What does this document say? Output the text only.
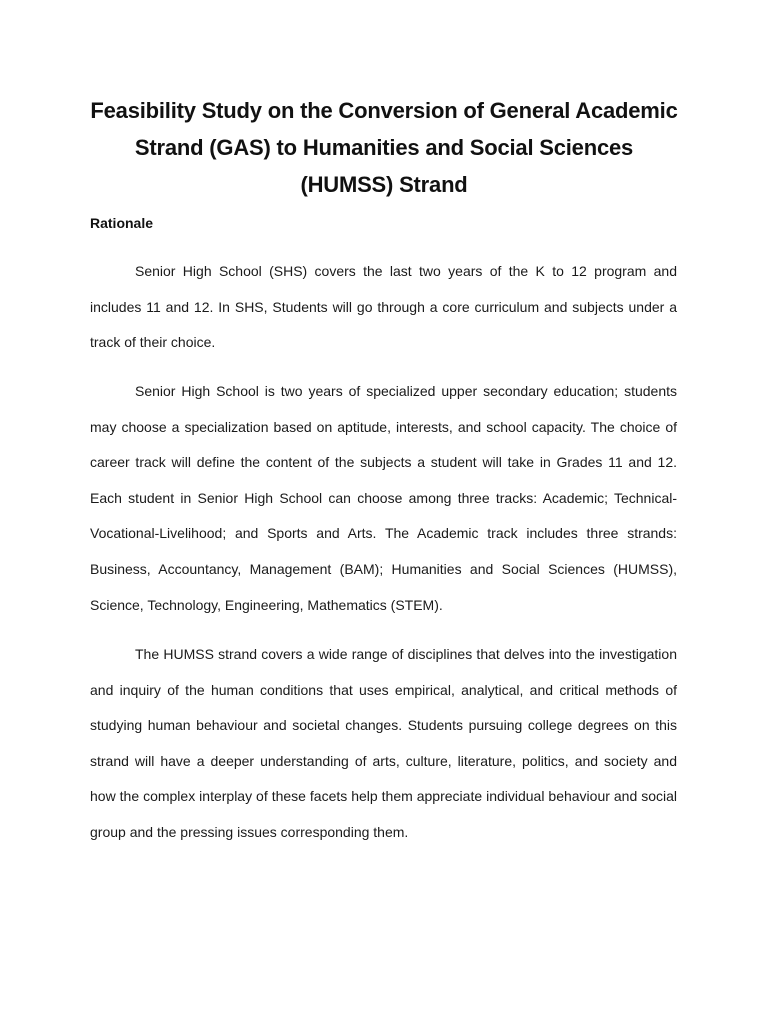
Feasibility Study on the Conversion of General Academic Strand (GAS) to Humanities and Social Sciences (HUMSS) Strand
Rationale

Senior High School (SHS) covers the last two years of the K to 12 program and includes 11 and 12. In SHS, Students will go through a core curriculum and subjects under a track of their choice.

Senior High School is two years of specialized upper secondary education; students may choose a specialization based on aptitude, interests, and school capacity. The choice of career track will define the content of the subjects a student will take in Grades 11 and 12. Each student in Senior High School can choose among three tracks: Academic; Technical-Vocational-Livelihood; and Sports and Arts. The Academic track includes three strands: Business, Accountancy, Management (BAM); Humanities and Social Sciences (HUMSS), Science, Technology, Engineering, Mathematics (STEM).

The HUMSS strand covers a wide range of disciplines that delves into the investigation and inquiry of the human conditions that uses empirical, analytical, and critical methods of studying human behaviour and societal changes. Students pursuing college degrees on this strand will have a deeper understanding of arts, culture, literature, politics, and society and how the complex interplay of these facets help them appreciate individual behaviour and social group and the pressing issues corresponding them.
